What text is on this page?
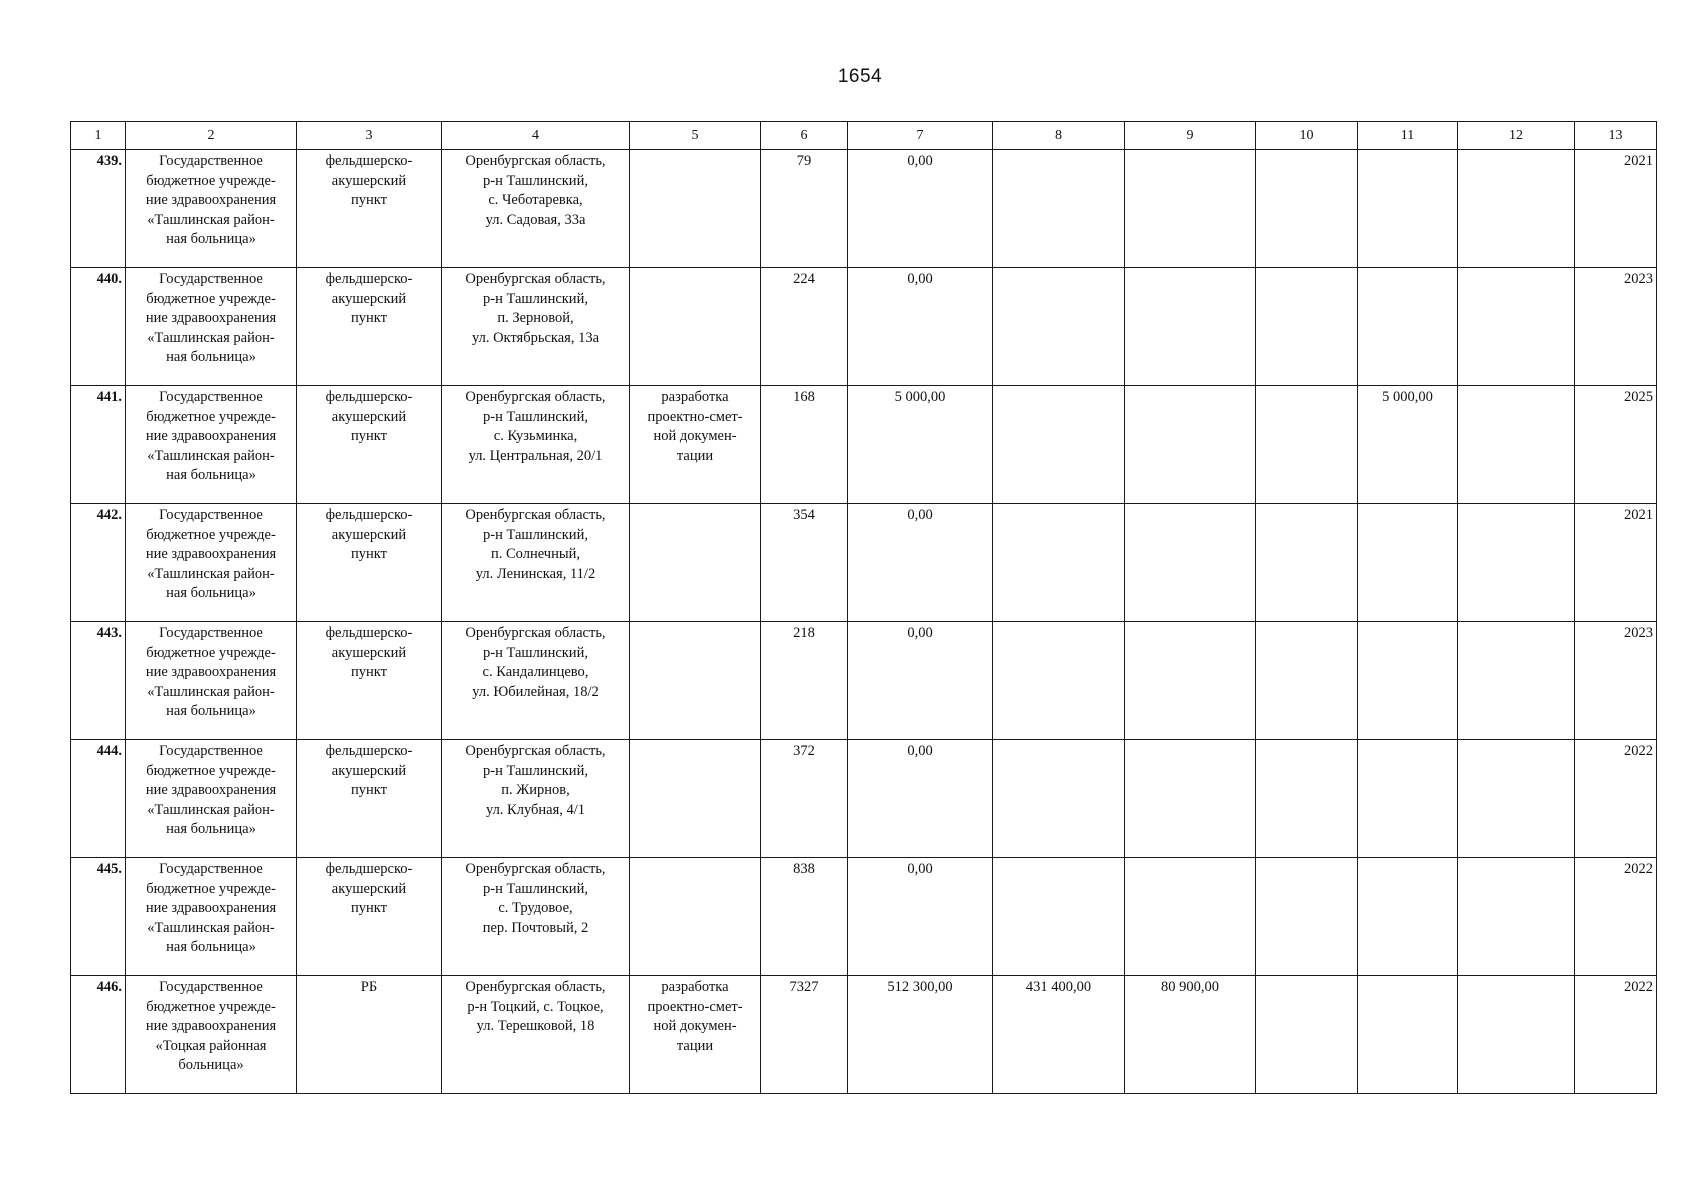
1654
1	2	3	4	5	6	7	8	9	10	11	12	13
439.	Государственное
бюджетное учрежде-
ние здравоохранения
«Ташлинская район-
ная больница»	фельдшерско-
акушерский
пункт	Оренбургская область,
р-н Ташлинский,
с. Чеботаревка,
ул. Садовая, 33а		79	0,00						2021
440.	Государственное
бюджетное учрежде-
ние здравоохранения
«Ташлинская район-
ная больница»	фельдшерско-
акушерский
пункт	Оренбургская область,
р-н Ташлинский,
п. Зерновой,
ул. Октябрьская, 13а		224	0,00						2023
441.	Государственное
бюджетное учрежде-
ние здравоохранения
«Ташлинская район-
ная больница»	фельдшерско-
акушерский
пункт	Оренбургская область,
р-н Ташлинский,
с. Кузьминка,
ул. Центральная, 20/1	разработка
проектно-смет-
ной докумен-
тации	168	5 000,00				5 000,00		2025
442.	Государственное
бюджетное учрежде-
ние здравоохранения
«Ташлинская район-
ная больница»	фельдшерско-
акушерский
пункт	Оренбургская область,
р-н Ташлинский,
п. Солнечный,
ул. Ленинская, 11/2		354	0,00						2021
443.	Государственное
бюджетное учрежде-
ние здравоохранения
«Ташлинская район-
ная больница»	фельдшерско-
акушерский
пункт	Оренбургская область,
р-н Ташлинский,
с. Кандалинцево,
ул. Юбилейная, 18/2		218	0,00						2023
444.	Государственное
бюджетное учрежде-
ние здравоохранения
«Ташлинская район-
ная больница»	фельдшерско-
акушерский
пункт	Оренбургская область,
р-н Ташлинский,
п. Жирнов,
ул. Клубная, 4/1		372	0,00						2022
445.	Государственное
бюджетное учрежде-
ние здравоохранения
«Ташлинская район-
ная больница»	фельдшерско-
акушерский
пункт	Оренбургская область,
р-н Ташлинский,
с. Трудовое,
пер. Почтовый, 2		838	0,00						2022
446.	Государственное
бюджетное учрежде-
ние здравоохранения
«Тоцкая районная
больница»	РБ	Оренбургская область,
р-н Тоцкий, с. Тоцкое,
ул. Терешковой, 18	разработка
проектно-смет-
ной докумен-
тации	7327	512 300,00	431 400,00	80 900,00				2022
